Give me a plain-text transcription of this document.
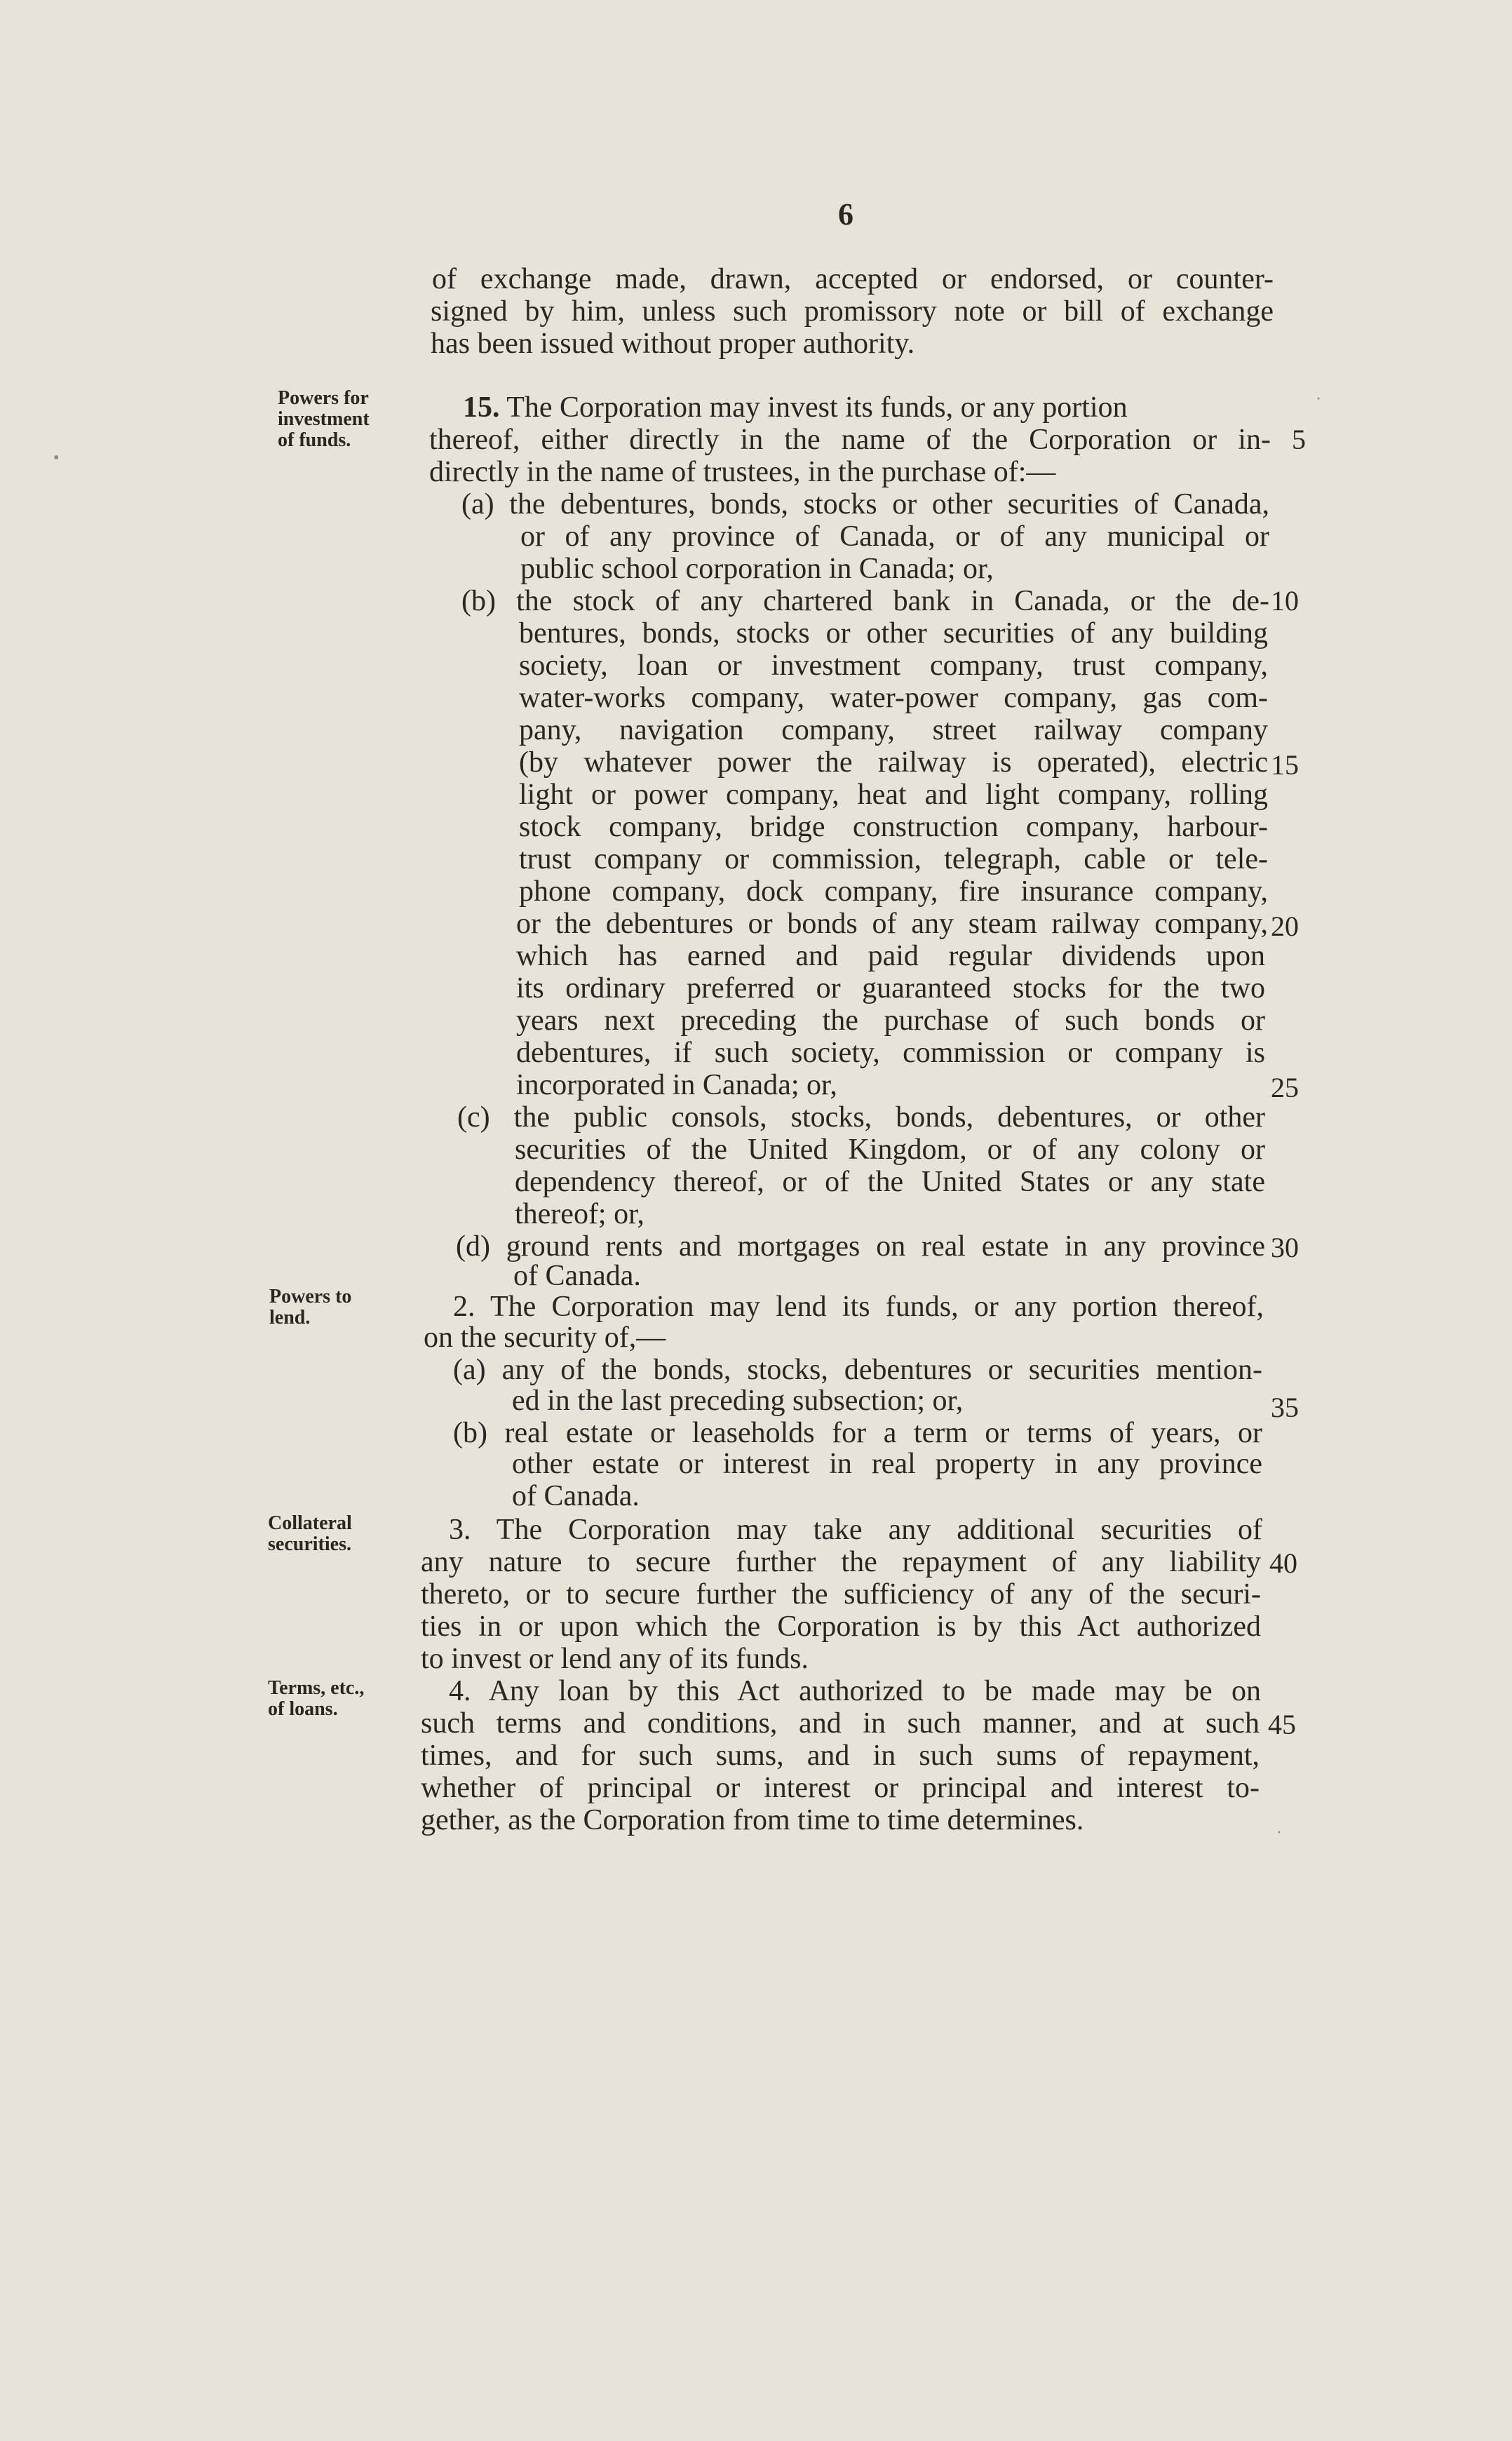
6
Powers for
investment
of funds.
Powers to
lend.
Collateral
securities.
Terms, etc.,
of loans.
of exchange made, drawn, accepted or endorsed, or counter-
signed by him, unless such promissory note or bill of exchange
has been issued without proper authority.
15. The Corporation may invest its funds, or any portion
thereof, either directly in the name of the Corporation or in-
directly in the name of trustees, in the purchase of:—
(a) the debentures, bonds, stocks or other securities of Canada,
or of any province of Canada, or of any municipal or
public school corporation in Canada; or,
(b) the stock of any chartered bank in Canada, or the de-
bentures, bonds, stocks or other securities of any building
society, loan or investment company, trust company,
water-works company, water-power company, gas com-
pany, navigation company, street railway company
(by whatever power the railway is operated), electric
light or power company, heat and light company, rolling
stock company, bridge construction company, harbour-
trust company or commission, telegraph, cable or tele-
phone company, dock company, fire insurance company,
or the debentures or bonds of any steam railway company,
which has earned and paid regular dividends upon
its ordinary preferred or guaranteed stocks for the two
years next preceding the purchase of such bonds or
debentures, if such society, commission or company is
incorporated in Canada; or,
(c) the public consols, stocks, bonds, debentures, or other
securities of the United Kingdom, or of any colony or
dependency thereof, or of the United States or any state
thereof; or,
(d) ground rents and mortgages on real estate in any province
of Canada.
2. The Corporation may lend its funds, or any portion thereof,
on the security of,—
(a) any of the bonds, stocks, debentures or securities mention-
ed in the last preceding subsection; or,
(b) real estate or leaseholds for a term or terms of years, or
other estate or interest in real property in any province
of Canada.
3. The Corporation may take any additional securities of
any nature to secure further the repayment of any liability
thereto, or to secure further the sufficiency of any of the securi-
ties in or upon which the Corporation is by this Act authorized
to invest or lend any of its funds.
4. Any loan by this Act authorized to be made may be on
such terms and conditions, and in such manner, and at such
times, and for such sums, and in such sums of repayment,
whether of principal or interest or principal and interest to-
gether, as the Corporation from time to time determines.
5
10
15
20
25
30
35
40
45
•
·
·
